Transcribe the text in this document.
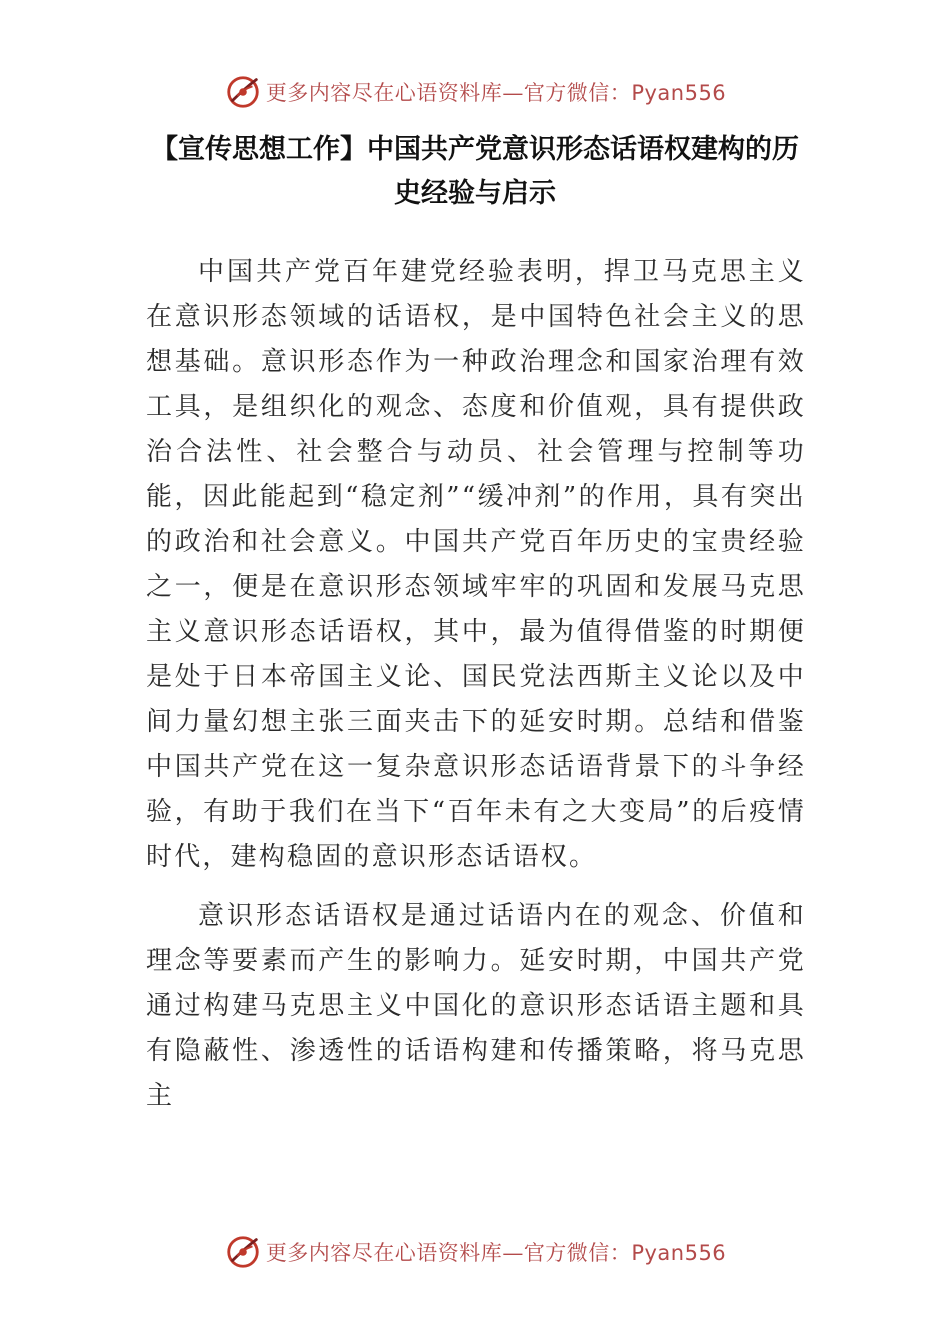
更多内容尽在心语资料库—官方微信：Pyan556
【宣传思想工作】中国共产党意识形态话语权建构的历史经验与启示

中国共产党百年建党经验表明，捍卫马克思主义在意识形态领域的话语权，是中国特色社会主义的思想基础。意识形态作为一种政治理念和国家治理有效工具，是组织化的观念、态度和价值观，具有提供政治合法性、社会整合与动员、社会管理与控制等功能，因此能起到“稳定剂”“缓冲剂”的作用，具有突出的政治和社会意义。中国共产党百年历史的宝贵经验之一，便是在意识形态领域牢牢的巩固和发展马克思主义意识形态话语权，其中，最为值得借鉴的时期便是处于日本帝国主义论、国民党法西斯主义论以及中间力量幻想主张三面夹击下的延安时期。总结和借鉴中国共产党在这一复杂意识形态话语背景下的斗争经验，有助于我们在当下“百年未有之大变局”的后疫情时代，建构稳固的意识形态话语权。

意识形态话语权是通过话语内在的观念、价值和理念等要素而产生的影响力。延安时期，中国共产党通过构建马克思主义中国化的意识形态话语主题和具有隐蔽性、渗透性的话语构建和传播策略，将马克思主

更多内容尽在心语资料库—官方微信：Pyan556
